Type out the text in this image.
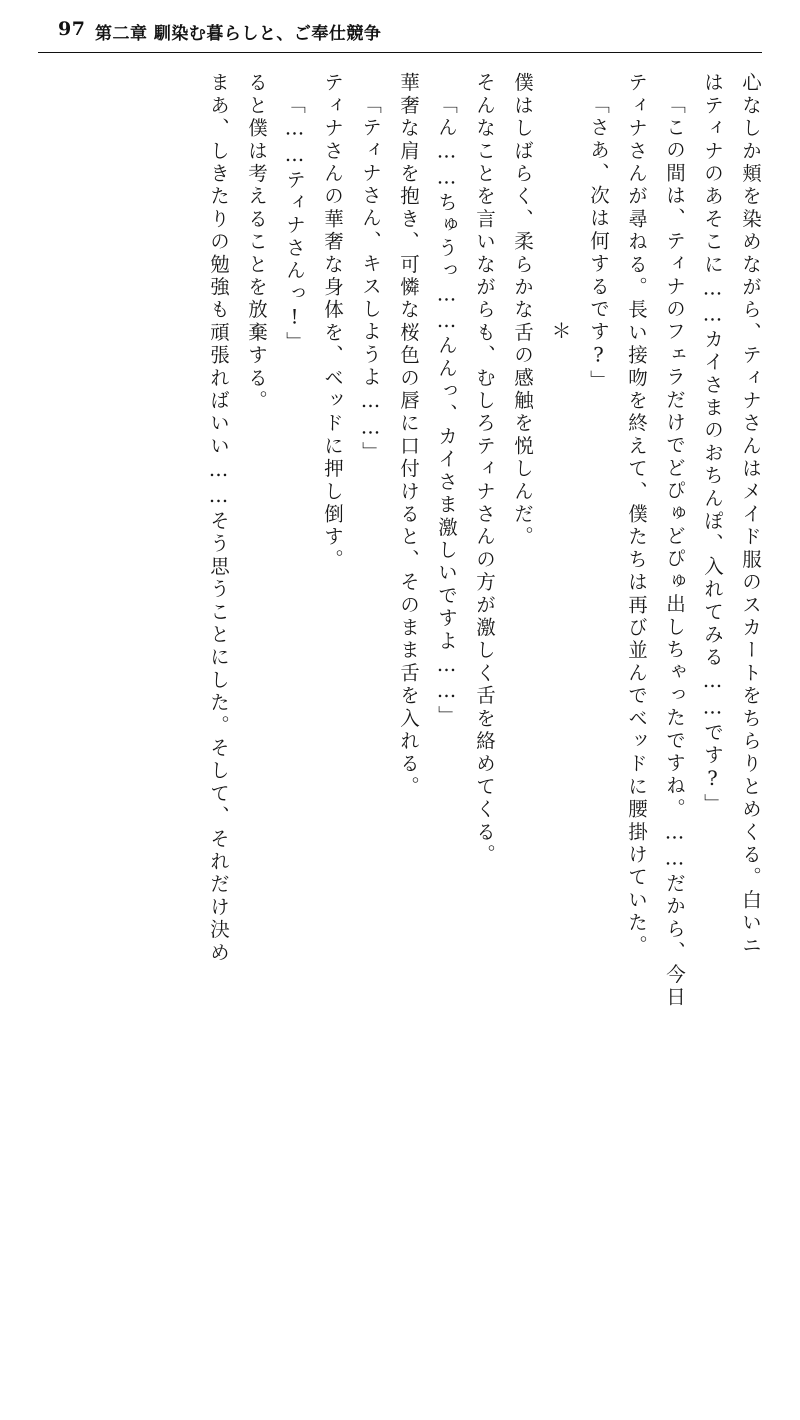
97 第二章 馴染む暮らしと、ご奉仕競争
まあ、しきたりの勉強も頑張ればいい……そう思うことにした。そして、それだけ決め ると僕は考えることを放棄する。 「……ティナさんっ!」 ティナさんの華奢な身体を、ベッドに押し倒す。 「ティナさん、キスしようよ……」 華奢な肩を抱き、可憐な桜色の唇に口付けると、そのまま舌を入れる。 「ん……ちゅうっ……んんっ、カイさま激しいですよ……」 そんなことを言いながらも、むしろティナさんの方が激しく舌を絡めてくる。 僕はしばらく、柔らかな舌の感触を悦しんだ。 ＊ 「さあ、次は何するです?」 ティナさんが尋ねる。長い接吻を終えて、僕たちは再び並んでベッドに腰掛けていた。 「この間は、ティナのフェラだけでどぴゅどぴゅ出しちゃったですね。……だから、今日 はティナのあそこに……カイさまのおちんぽ、入れてみる……です?」 心なしか頬を染めながら、ティナさんはメイド服のスカートをちらりとめくる。白いニ
